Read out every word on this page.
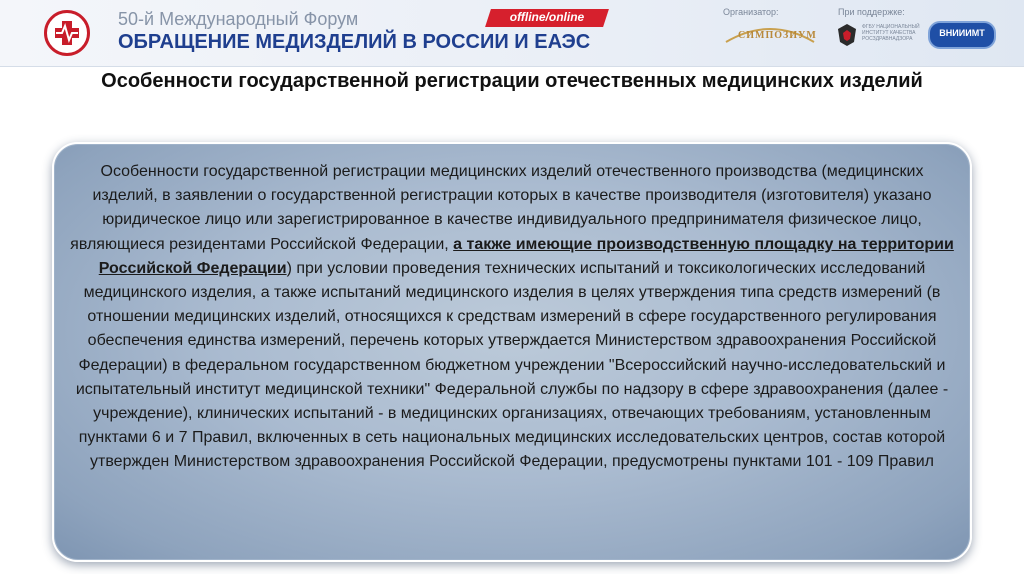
50-й Международный Форум
ОБРАЩЕНИЕ МЕДИЗДЕЛИЙ В РОССИИ И ЕАЭС
offline/online	Организатор:	При поддержке:
СИМПОЗИУМ
ФГБУ НАЦИОНАЛЬНЫЙ ИНСТИТУТ КАЧЕСТВА РОСЗДРАВНАДЗОРА
ВНИИИМТ
Особенности государственной регистрации отечественных медицинских изделий
Особенности государственной регистрации медицинских изделий отечественного производства (медицинских изделий, в заявлении о государственной регистрации которых в качестве производителя (изготовителя) указано юридическое лицо или зарегистрированное в качестве индивидуального предпринимателя физическое лицо, являющиеся резидентами Российской Федерации, а также имеющие производственную площадку на территории Российской Федерации) при условии проведения технических испытаний и токсикологических исследований медицинского изделия, а также испытаний медицинского изделия в целях утверждения типа средств измерений (в отношении медицинских изделий, относящихся к средствам измерений в сфере государственного регулирования обеспечения единства измерений, перечень которых утверждается Министерством здравоохранения Российской Федерации) в федеральном государственном бюджетном учреждении "Всероссийский научно-исследовательский и испытательный институт медицинской техники" Федеральной службы по надзору в сфере здравоохранения (далее - учреждение), клинических испытаний - в медицинских организациях, отвечающих требованиям, установленным пунктами 6 и 7 Правил, включенных в сеть национальных медицинских исследовательских центров, состав которой утвержден Министерством здравоохранения Российской Федерации, предусмотрены пунктами 101 - 109 Правил
